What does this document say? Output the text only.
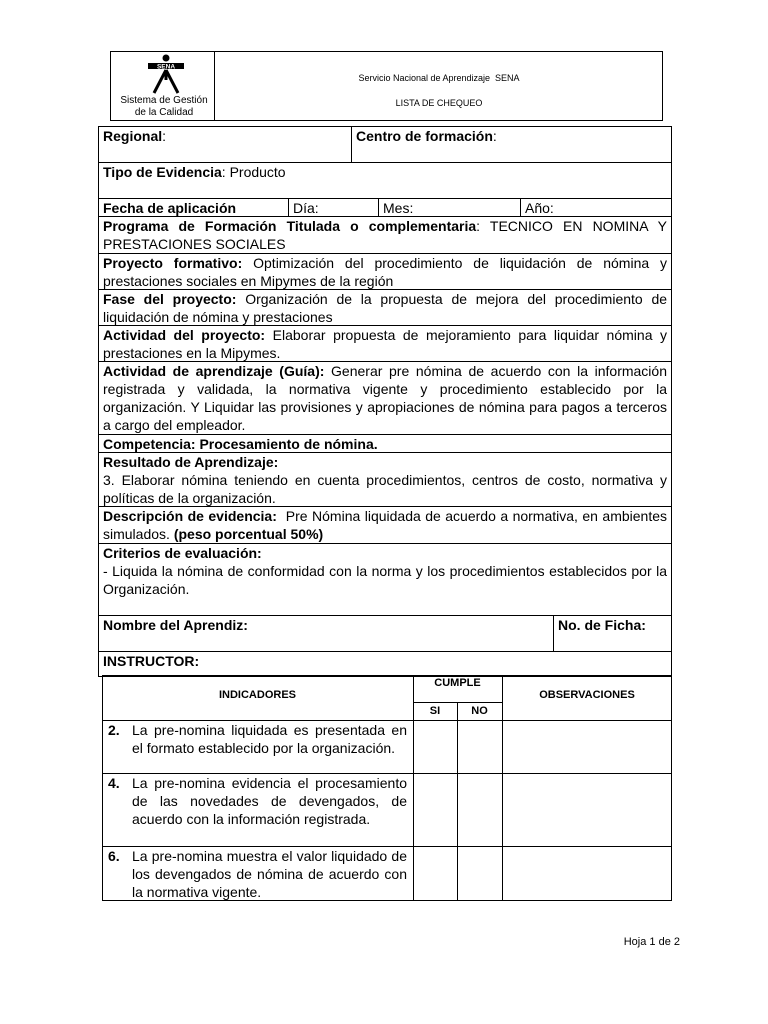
SENA
Sistema de Gestión
de la Calidad
Servicio Nacional de Aprendizaje  SENA
LISTA DE CHEQUEO
Regional:	Centro de formación:
Tipo de Evidencia: Producto
Fecha de aplicación	Día:	Mes:	Año:
Programa de Formación Titulada o complementaria: TECNICO EN NOMINA Y PRESTACIONES SOCIALES
Proyecto formativo: Optimización del procedimiento de liquidación de nómina y prestaciones sociales en Mipymes de la región
Fase del proyecto: Organización de la propuesta de mejora del procedimiento de liquidación de nómina y prestaciones
Actividad del proyecto: Elaborar propuesta de mejoramiento para liquidar nómina y prestaciones en la Mipymes.
Actividad de aprendizaje (Guía): Generar pre nómina de acuerdo con la información registrada y validada, la normativa vigente y procedimiento establecido por la organización. Y Liquidar las provisiones y apropiaciones de nómina para pagos a terceros a cargo del empleador.
Competencia: Procesamiento de nómina.
Resultado de Aprendizaje:
3. Elaborar nómina teniendo en cuenta procedimientos, centros de costo, normativa y políticas de la organización.
Descripción de evidencia: Pre Nómina liquidada de acuerdo a normativa, en ambientes simulados. (peso porcentual 50%)
Criterios de evaluación:
- Liquida la nómina de conformidad con la norma y los procedimientos establecidos por la Organización.
Nombre del Aprendiz:	No. de Ficha:
INSTRUCTOR:
INDICADORES
CUMPLE
SI	NO
OBSERVACIONES
2. La pre-nomina liquidada es presentada en el formato establecido por la organización.
4. La pre-nomina evidencia el procesamiento de las novedades de devengados, de acuerdo con la información registrada.
6. La pre-nomina muestra el valor liquidado de los devengados de nómina de acuerdo con la normativa vigente.
Hoja 1 de 2
